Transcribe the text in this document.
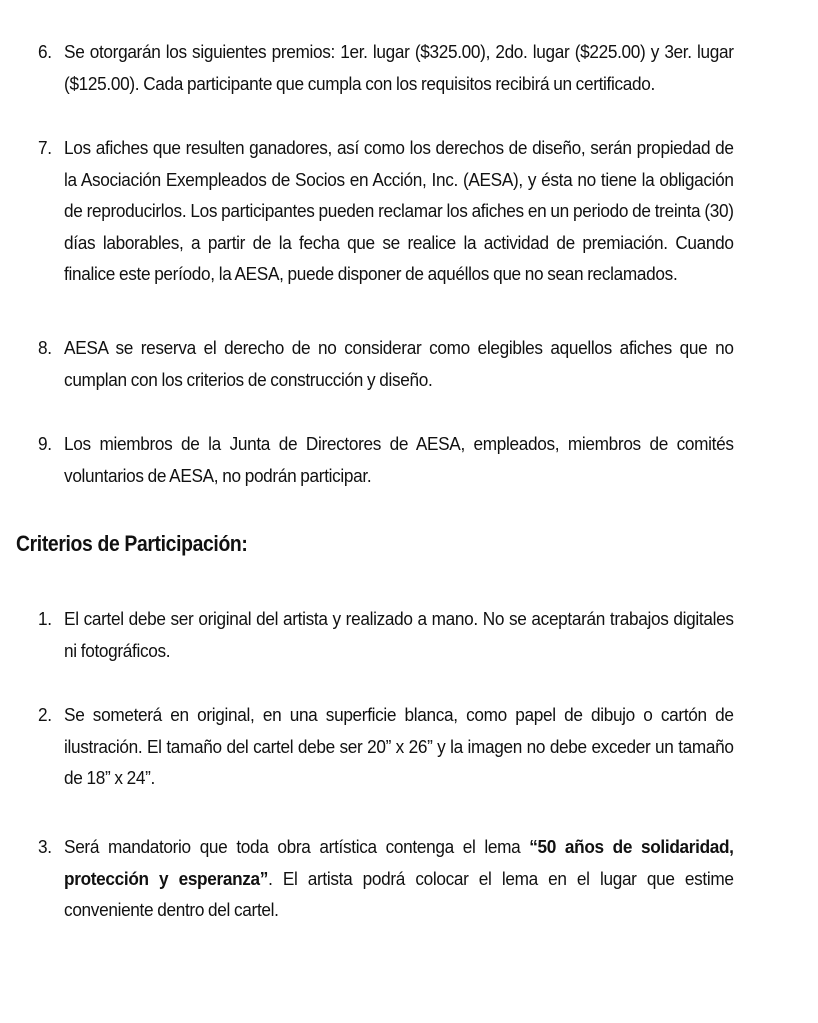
6. Se otorgarán los siguientes premios: 1er. lugar ($325.00), 2do. lugar ($225.00) y 3er. lugar ($125.00). Cada participante que cumpla con los requisitos recibirá un certificado.
7. Los afiches que resulten ganadores, así como los derechos de diseño, serán propiedad de la Asociación Exempleados de Socios en Acción, Inc. (AESA), y ésta no tiene la obligación de reproducirlos. Los participantes pueden reclamar los afiches en un periodo de treinta (30) días laborables, a partir de la fecha que se realice la actividad de premiación. Cuando finalice este período, la AESA, puede disponer de aquéllos que no sean reclamados.
8. AESA se reserva el derecho de no considerar como elegibles aquellos afiches que no cumplan con los criterios de construcción y diseño.
9. Los miembros de la Junta de Directores de AESA, empleados, miembros de comités voluntarios de AESA, no podrán participar.
Criterios de Participación:
1. El cartel debe ser original del artista y realizado a mano. No se aceptarán trabajos digitales ni fotográficos.
2. Se someterá en original, en una superficie blanca, como papel de dibujo o cartón de ilustración. El tamaño del cartel debe ser 20” x 26” y la imagen no debe exceder un tamaño de 18” x 24”.
3. Será mandatorio que toda obra artística contenga el lema “50 años de solidaridad, protección y esperanza”. El artista podrá colocar el lema en el lugar que estime conveniente dentro del cartel.
